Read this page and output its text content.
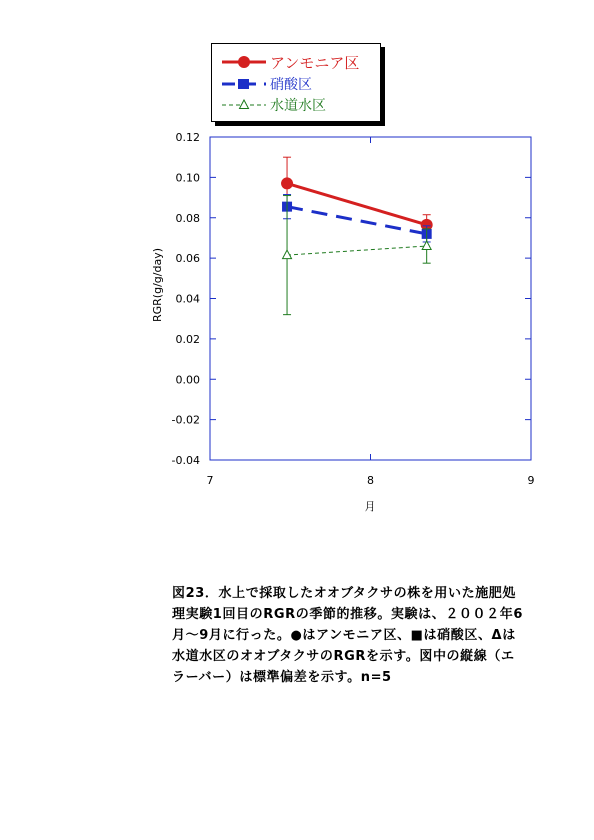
-0.04
-0.02
0.00
0.02
0.04
0.06
0.08
0.10
0.12
7	8	9
RGR(g/g/day)
月
アンモニア区
硝酸区
水道水区
図23．水上で採取したオオブタクサの株を用いた施肥処
理実験1回目のRGRの季節的推移。実験は、２００２年6
月～9月に行った。●はアンモニア区、■は硝酸区、Δは
水道水区のオオブタクサのRGRを示す。図中の縦線（エ
ラーバー）は標準偏差を示す。n=5
